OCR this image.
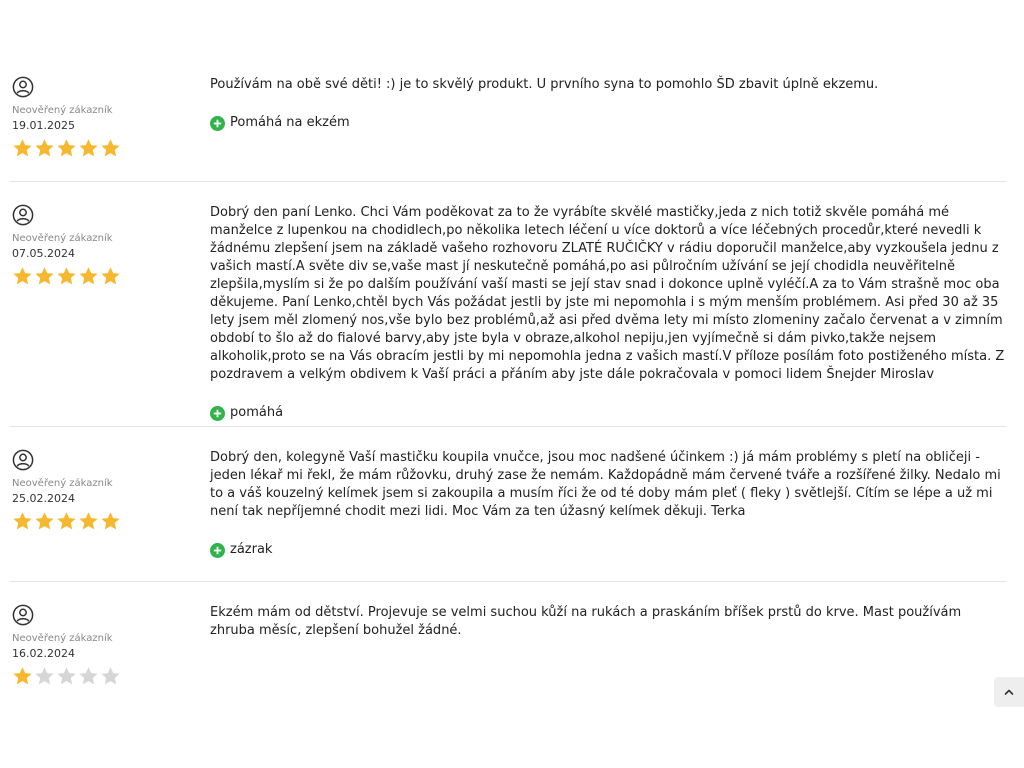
Neověřený zákazník
19.01.2025

Používám na obě své děti! :) je to skvělý produkt. U prvního syna to pomohlo ŠD zbavit úplně ekzemu.

Pomáhá na ekzém
Neověřený zákazník
07.05.2024

Dobrý den paní Lenko. Chci Vám poděkovat za to že vyrábíte skvělé mastičky,jeda z nich totiž skvěle pomáhá mé manželce z lupenkou na chodidlech,po několika letech léčení u více doktorů a více léčebných procedůr,které nevedli k žádnému zlepšení jsem na základě vašeho rozhovoru ZLATÉ RUČIČKY v rádiu doporučil manželce,aby vyzkoušela jednu z vašich mastí.A světe div se,vaše mast jí neskutečně pomáhá,po asi půlročním užívání se její chodidla neuvěřitelně zlepšila,myslím si že po dalším používání vaší masti se její stav snad i dokonce uplně vyléčí.A za to Vám strašně moc oba děkujeme. Paní Lenko,chtěl bych Vás požádat jestli by jste mi nepomohla i s mým menším problémem. Asi před 30 až 35 lety jsem měl zlomený nos,vše bylo bez problémů,až asi před dvěma lety mi místo zlomeniny začalo červenat a v zimním období to šlo až do fialové barvy,aby jste byla v obraze,alkohol nepiju,jen vyjímečně si dám pivko,takže nejsem alkoholik,proto se na Vás obracím jestli by mi nepomohla jedna z vašich mastí.V příloze posílám foto postiženého místa. Z pozdravem a velkým obdivem k Vaší práci a přáním aby jste dále pokračovala v pomoci lidem Šnejder Miroslav

pomáhá
Neověřený zákazník
25.02.2024

Dobrý den, kolegyně Vaší mastičku koupila vnučce, jsou moc nadšené účinkem :) já mám problémy s pletí na obličeji - jeden lékař mi řekl, že mám růžovku, druhý zase že nemám. Každopádně mám červené tváře a rozšířené žilky. Nedalo mi to a váš kouzelný kelímek jsem si zakoupila a musím říci že od té doby mám pleť ( fleky ) světlejší. Cítím se lépe a už mi není tak nepříjemné chodit mezi lidi. Moc Vám za ten úžasný kelímek děkuji. Terka

zázrak
Neověřený zákazník
16.02.2024

Ekzém mám od dětství. Projevuje se velmi suchou kůží na rukách a praskáním bříšek prstů do krve. Mast používám zhruba měsíc, zlepšení bohužel žádné.
